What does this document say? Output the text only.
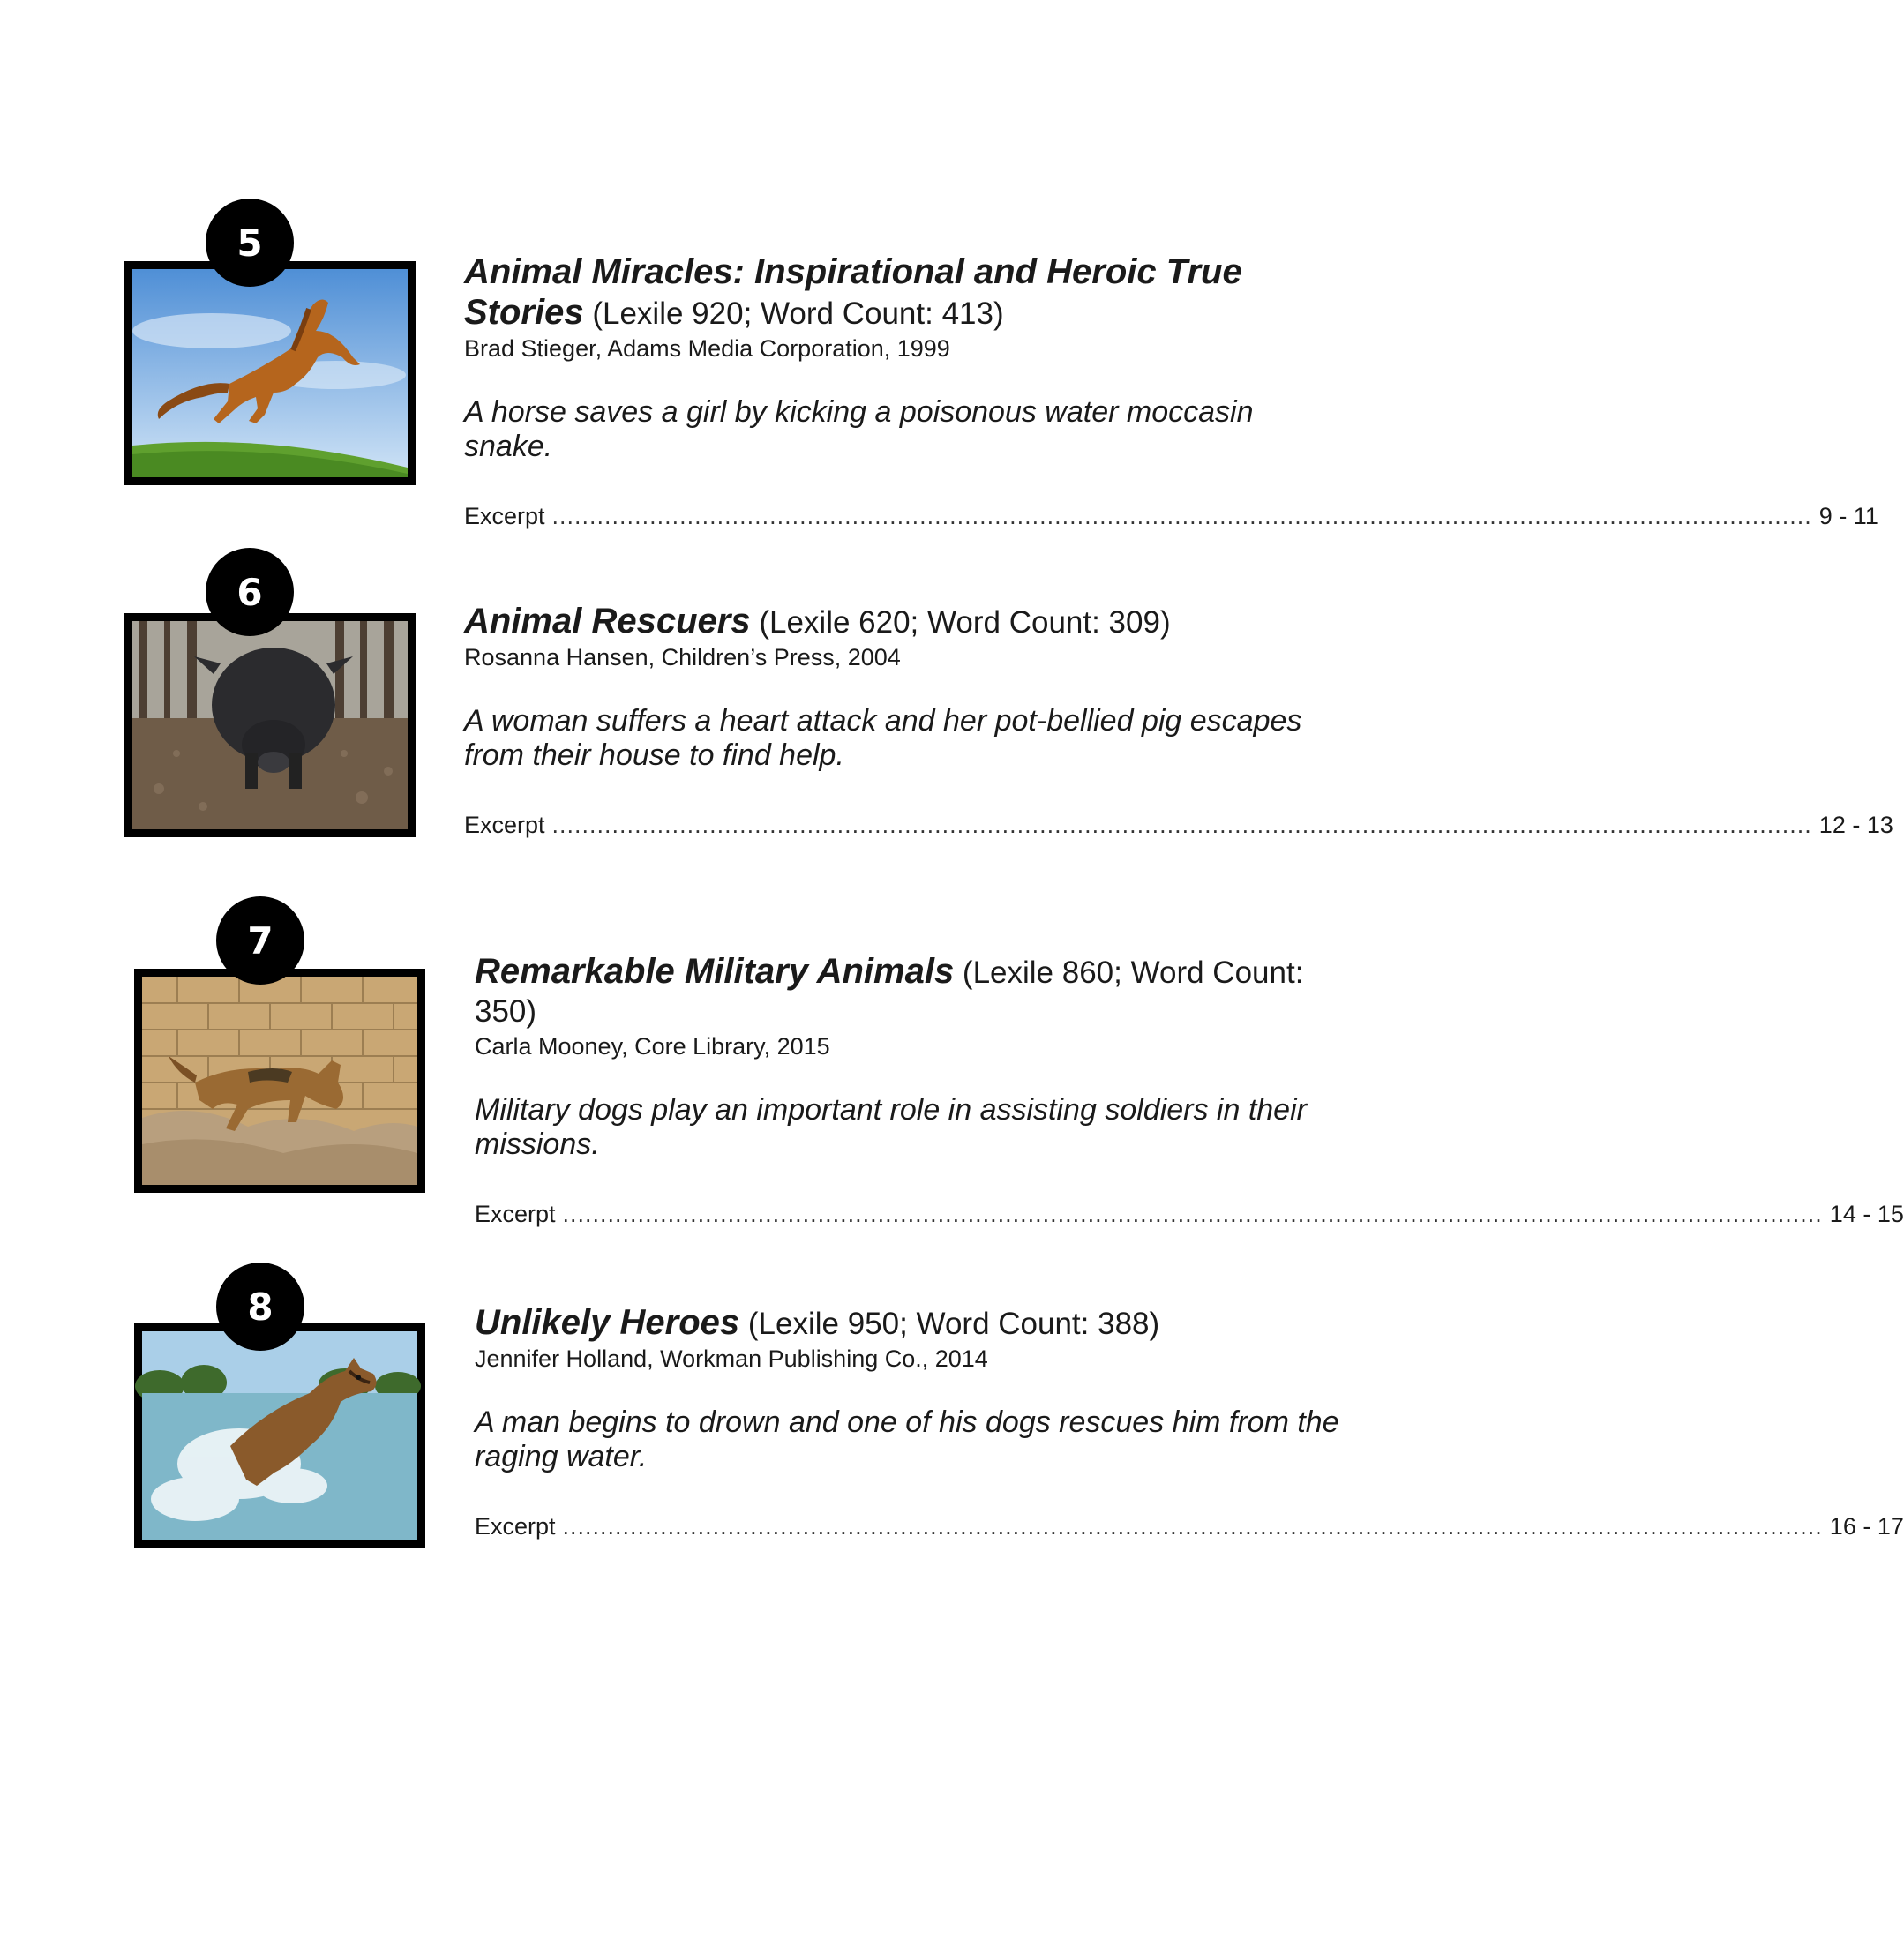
5

Animal Miracles: Inspirational and Heroic True Stories (Lexile 920; Word Count: 413)

Brad Stieger, Adams Media Corporation, 1999

A horse saves a girl by kicking a poisonous water moccasin snake.

Excerpt ........................................................................................................................................................................ 9 - 11
6

Animal Rescuers (Lexile 620; Word Count: 309)

Rosanna Hansen, Children’s Press, 2004

A woman suffers a heart attack and her pot-bellied pig escapes from their house to find help.

Excerpt ........................................................................................................................................................................ 12 - 13
7

Remarkable Military Animals (Lexile 860; Word Count: 350)

Carla Mooney, Core Library, 2015

Military dogs play an important role in assisting soldiers in their missions.

Excerpt ........................................................................................................................................................................ 14 - 15
8	Unlikely Heroes (Lexile 950; Word Count: 388)

Jennifer Holland, Workman Publishing Co., 2014

A man begins to drown and one of his dogs rescues him from the raging water.

Excerpt ........................................................................................................................................................................ 16 - 17
